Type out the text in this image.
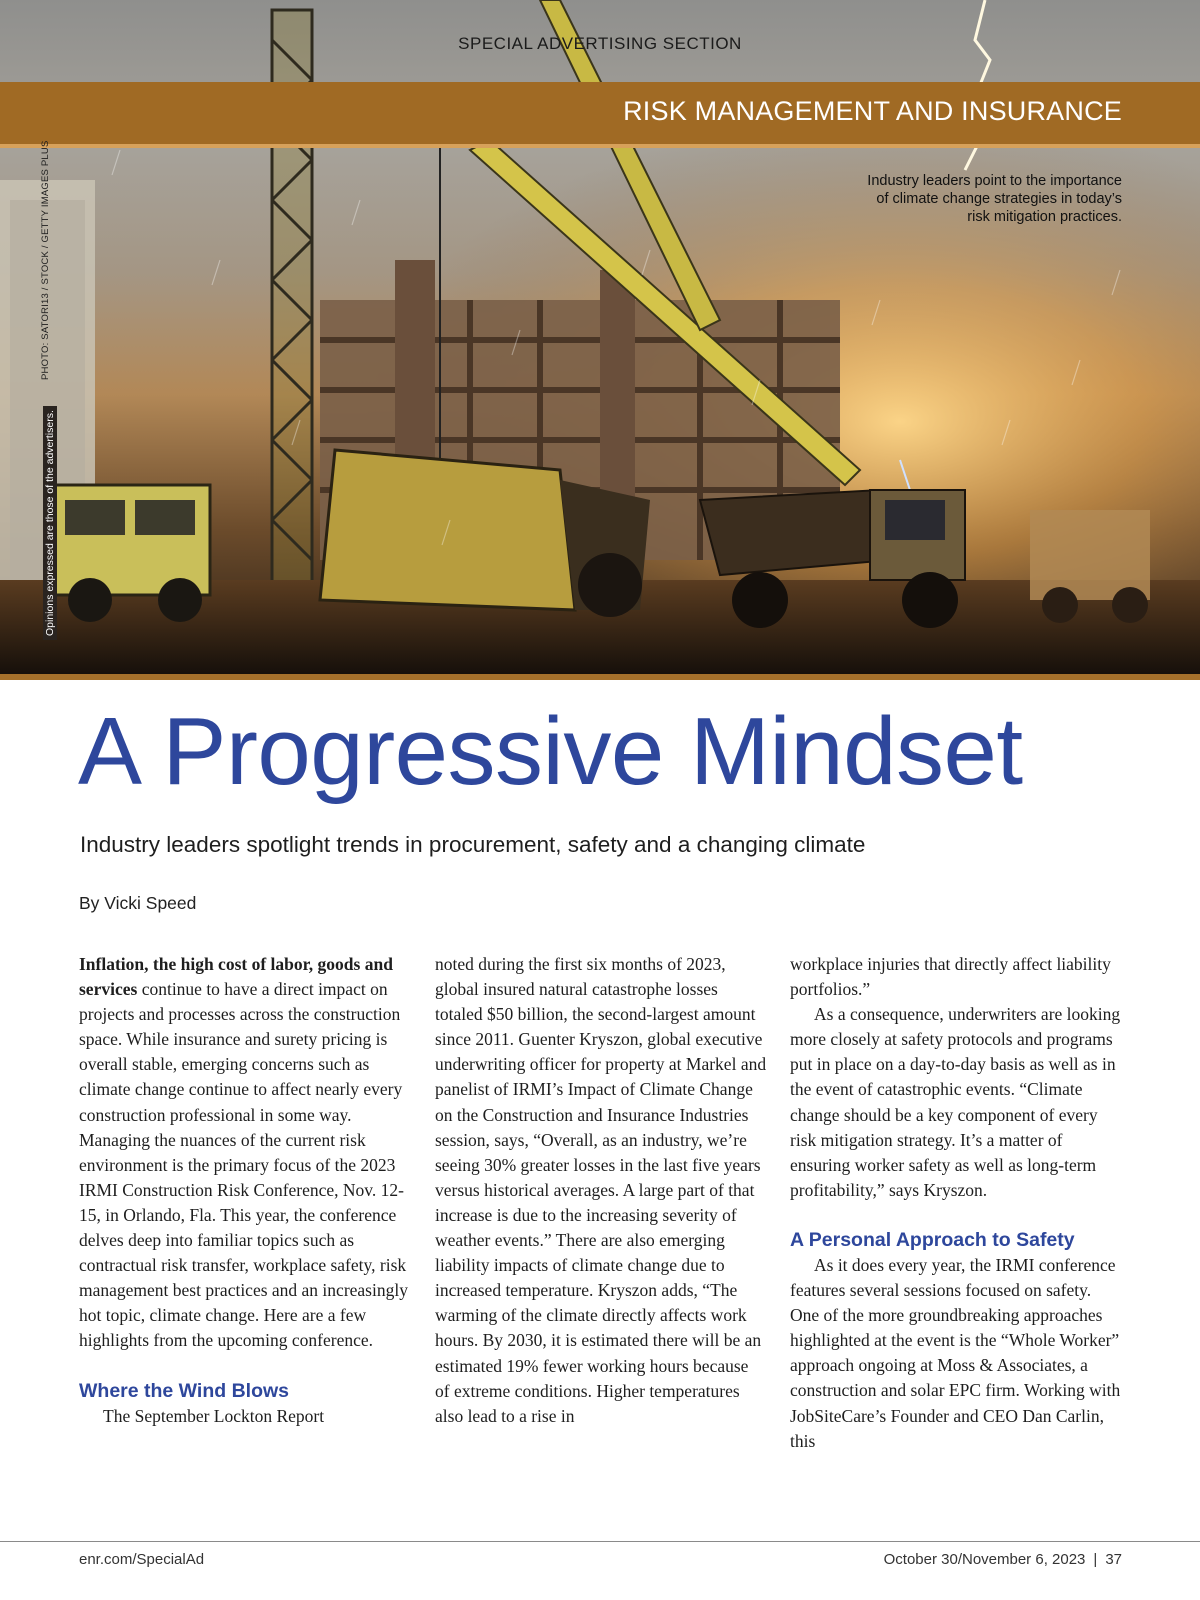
SPECIAL ADVERTISING SECTION
RISK MANAGEMENT AND INSURANCE
Industry leaders point to the importance of climate change strategies in today’s risk mitigation practices.
PHOTO: SATORI13 / STOCK / GETTY IMAGES PLUS
Opinions expressed are those of the advertisers.
A Progressive Mindset
Industry leaders spotlight trends in procurement, safety and a changing climate
By Vicki Speed

Inflation, the high cost of labor, goods and services continue to have a direct impact on projects and processes across the construction space. While insurance and surety pricing is overall stable, emerging concerns such as climate change continue to affect nearly every construction professional in some way. Managing the nuances of the current risk environment is the primary focus of the 2023 IRMI Construction Risk Conference, Nov. 12-15, in Orlando, Fla. This year, the conference delves deep into familiar topics such as contractual risk transfer, workplace safety, risk management best practices and an increasingly hot topic, climate change. Here are a few highlights from the upcoming conference.

Where the Wind Blows

The September Lockton Report

noted during the first six months of 2023, global insured natural catastrophe losses totaled $50 billion, the second-largest amount since 2011. Guenter Kryszon, global executive underwriting officer for property at Markel and panelist of IRMI’s Impact of Climate Change on the Construction and Insurance Industries session, says, “Overall, as an industry, we’re seeing 30% greater losses in the last five years versus historical averages. A large part of that increase is due to the increasing severity of weather events.” There are also emerging liability impacts of climate change due to increased temperature. Kryszon adds, “The warming of the climate directly affects work hours. By 2030, it is estimated there will be an estimated 19% fewer working hours because of extreme conditions. Higher temperatures also lead to a rise in

workplace injuries that directly affect liability portfolios.”

As a consequence, underwriters are looking more closely at safety protocols and programs put in place on a day-to-day basis as well as in the event of catastrophic events. “Climate change should be a key component of every risk mitigation strategy. It’s a matter of ensuring worker safety as well as long-term profitability,” says Kryszon.

A Personal Approach to Safety

As it does every year, the IRMI conference features several sessions focused on safety. One of the more groundbreaking approaches highlighted at the event is the “Whole Worker” approach ongoing at Moss & Associates, a construction and solar EPC firm. Working with JobSiteCare’s Founder and CEO Dan Carlin, this

enr.com/SpecialAd	October 30/November 6, 2023 | 37
